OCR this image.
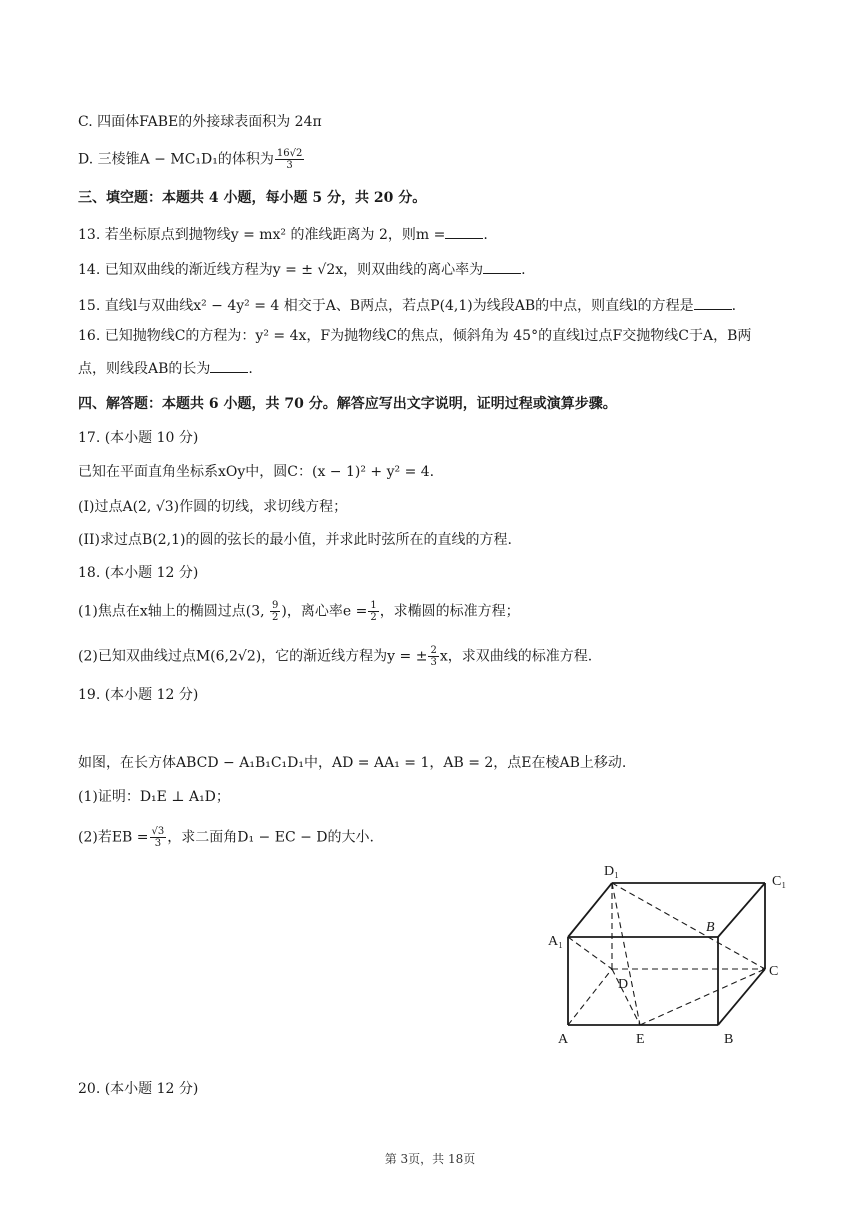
C. 四面体FABE的外接球表面积为 24π
D. 三棱锥A − MC₁D₁的体积为 $\frac{16√2}{3}$
三、填空题：本题共 4 小题，每小题 5 分，共 20 分。
13. 若坐标原点到抛物线y = mx² 的准线距离为 2，则m =	.
14. 已知双曲线的渐近线方程为y = ± √2x，则双曲线的离心率为	.
15. 直线l与双曲线x² − 4y² = 4 相交于A、B两点，若点P(4,1)为线段AB的中点，则直线l的方程是	.
16. 已知抛物线C的方程为：y² = 4x，F为抛物线C的焦点，倾斜角为 45°的直线l过点F交抛物线C于A，B两
点，则线段AB的长为	.
四、解答题：本题共 6 小题，共 70 分。解答应写出文字说明，证明过程或演算步骤。
17. (本小题 10 分)
已知在平面直角坐标系xOy中，圆C：(x − 1)² + y² = 4.
(I)过点A(2, √3)作圆的切线，求切线方程；
(II)求过点B(2,1)的圆的弦长的最小值，并求此时弦所在的直线的方程.
18. (本小题 12 分)
(1)焦点在x轴上的椭圆过点(3, $\frac{9}{2}$ )，离心率$e = \frac{1}{2}$ ，求椭圆的标准方程；
(2)已知双曲线过点M(6,2√2)，它的渐近线方程为y = ± $\frac{2}{3}$ x，求双曲线的标准方程.
19. (本小题 12 分)
如图，在长方体ABCD − A₁B₁C₁D₁中，AD = AA₁ = 1，AB = 2，点E在棱AB上移动.
(1)证明：D₁E ⊥ A₁D；
(2)若EB = $\frac{√3}{3}$ ，求二面角D₁ − EC − D的大小.
D₁
C₁
B
A₁
D
C
A	E	B
20. (本小题 12 分)
第 3页，共 18页
